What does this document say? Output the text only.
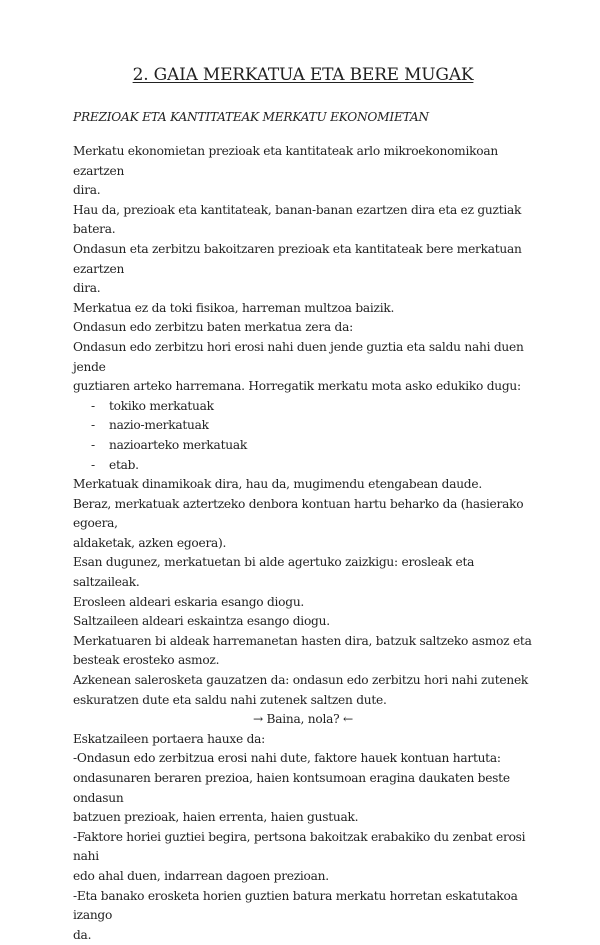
2. GAIA MERKATUA ETA BERE MUGAK
PREZIOAK ETA KANTITATEAK MERKATU EKONOMIETAN

Merkatu ekonomietan prezioak eta kantitateak arlo mikroekonomikoan ezartzen

dira.

Hau da, prezioak eta kantitateak, banan-banan ezartzen dira eta ez guztiak batera.

Ondasun eta zerbitzu bakoitzaren prezioak eta kantitateak bere merkatuan ezartzen

dira.

Merkatua ez da toki fisikoa, harreman multzoa baizik.

Ondasun edo zerbitzu baten merkatua zera da:

Ondasun edo zerbitzu hori erosi nahi duen jende guztia eta saldu nahi duen jende

guztiaren arteko harremana. Horregatik merkatu mota asko edukiko dugu:

- tokiko merkatuak
- nazio-merkatuak
- nazioarteko merkatuak
- etab.

Merkatuak dinamikoak dira, hau da, mugimendu etengabean daude.

Beraz, merkatuak aztertzeko denbora kontuan hartu beharko da (hasierako egoera,

aldaketak, azken egoera).

Esan dugunez, merkatuetan bi alde agertuko zaizkigu: erosleak eta saltzaileak.

Erosleen aldeari eskaria esango diogu.

Saltzaileen aldeari eskaintza esango diogu.

Merkatuaren bi aldeak harremanetan hasten dira, batzuk saltzeko asmoz eta

besteak erosteko asmoz.

Azkenean salerosketa gauzatzen da: ondasun edo zerbitzu hori nahi zutenek

eskuratzen dute eta saldu nahi zutenek saltzen dute.

→ Baina, nola? ←

Eskatzaileen portaera hauxe da:

-Ondasun edo zerbitzua erosi nahi dute, faktore hauek kontuan hartuta:

ondasunaren beraren prezioa, haien kontsumoan eragina daukaten beste ondasun

batzuen prezioak, haien errenta, haien gustuak.

-Faktore horiei guztiei begira, pertsona bakoitzak erabakiko du zenbat erosi nahi

edo ahal duen, indarrean dagoen prezioan.

-Eta banako erosketa horien guztien batura merkatu horretan eskatutakoa izango

da.
